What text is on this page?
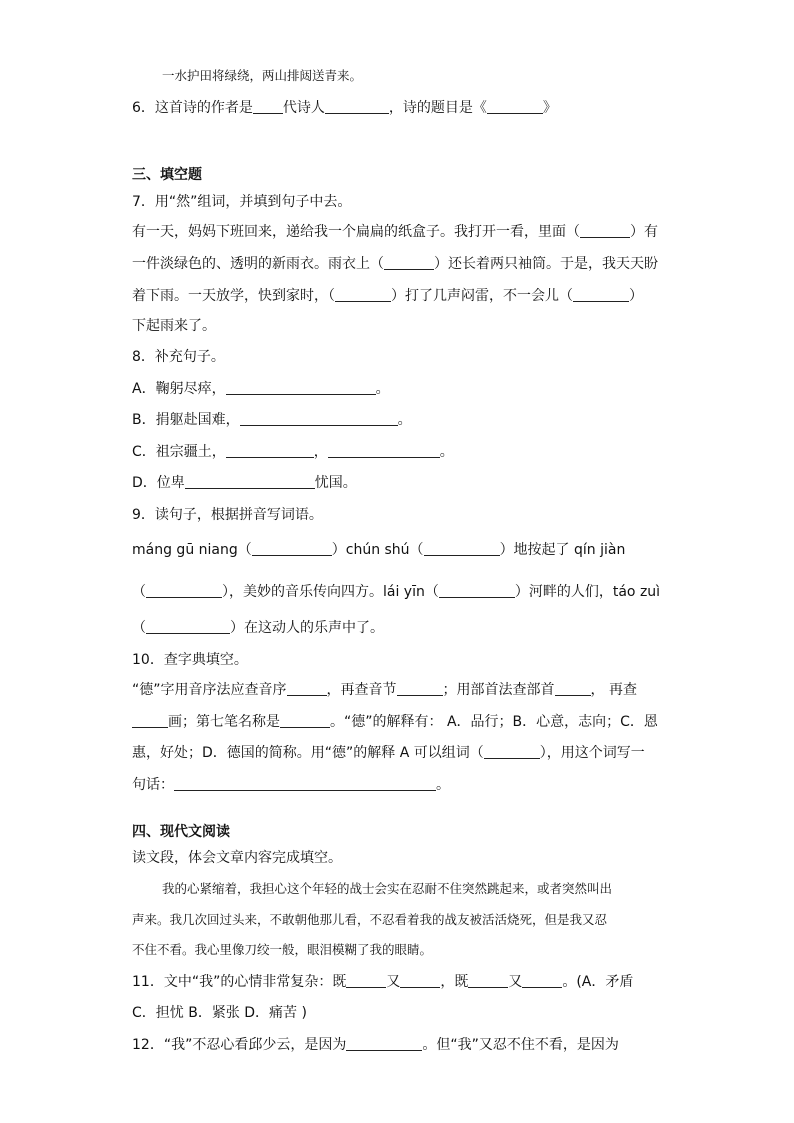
一水护田将绿绕，两山排闼送青来。
6．这首诗的作者是 代诗人	，诗的题目是《	》
三、填空题
7．用“然”组词，并填到句子中去。
有一天，妈妈下班回来，递给我一个扁扁的纸盒子。我打开一看，里面（	）有
一件淡绿色的、透明的新雨衣。雨衣上（	）还长着两只袖筒。于是，我天天盼
着下雨。一天放学，快到家时，（	）打了几声闷雷，不一会儿（	）
下起雨来了。
8．补充句子。
A．鞠躬尽瘁，	。
B．捐躯赴国难，	。
C．祖宗疆土，	，	。
D．位卑	忧国。
9．读句子，根据拼音写词语。
máng gū niang（	）chún shú（	）地按起了 qín jiàn
（	），美妙的音乐传向四方。lái yīn（	）河畔的人们，táo zuì
（	）在这动人的乐声中了。
10．查字典填空。
“德”字用音序法应查音序	，再查音节	；用部首法查部首	， 再查
画；第七笔名称是	。“德”的解释有： A．品行；B．心意，志向；C．恩
惠，好处；D．德国的简称。用“德”的解释 A 可以组词（	），用这个词写一
句话：	。
四、现代文阅读
读文段，体会文章内容完成填空。
我的心紧缩着，我担心这个年轻的战士会实在忍耐不住突然跳起来，或者突然叫出
声来。我几次回过头来，不敢朝他那儿看，不忍看着我的战友被活活烧死，但是我又忍
不住不看。我心里像刀绞一般，眼泪模糊了我的眼睛。
11．文中“我”的心情非常复杂：既	又	，既	又	。(A．矛盾
C．担忧 B．紧张 D．痛苦 )
12．“我”不忍心看邱少云，是因为	。但“我”又忍不住不看，是因为
